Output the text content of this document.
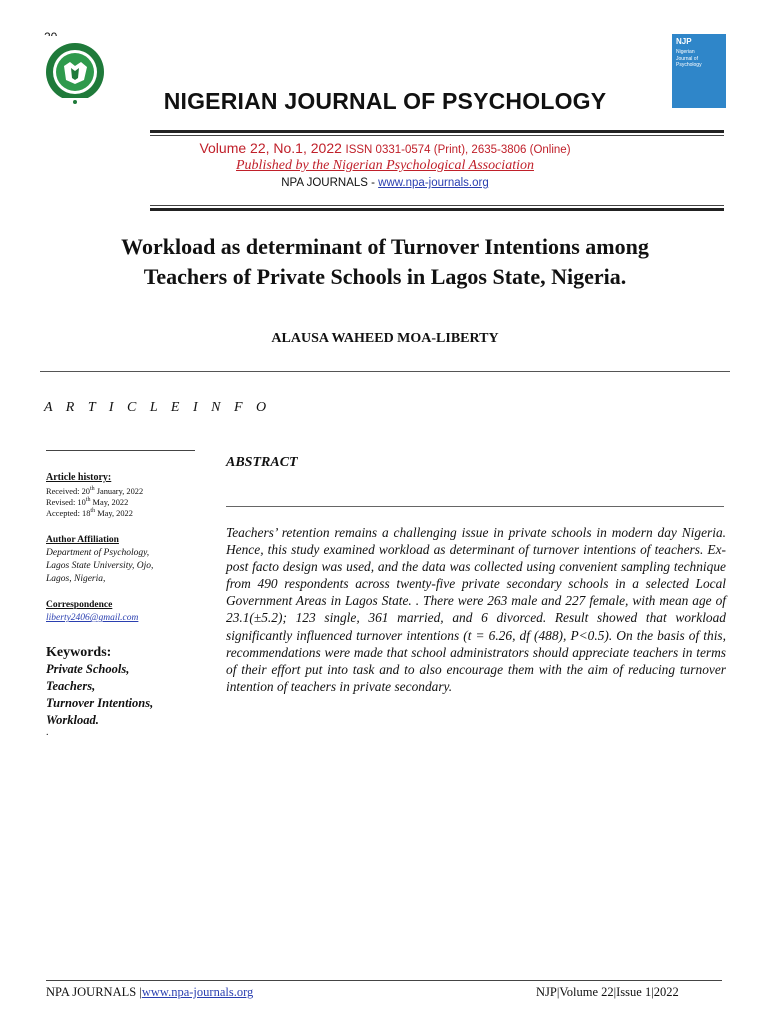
NJP
Nigerian
Journal of
Psychology
NIGERIAN JOURNAL OF PSYCHOLOGY
Volume 22, No.1, 2022 ISSN 0331-0574 (Print), 2635-3806 (Online)
Published by the Nigerian Psychological Association
NPA JOURNALS - www.npa-journals.org
Workload as determinant of Turnover Intentions among
Teachers of Private Schools in Lagos State, Nigeria.
ALAUSA WAHEED MOA-LIBERTY
A R T I C L E I N F O
ABSTRACT
Teachers’ retention remains a challenging issue in private schools in modern day Nigeria. Hence, this study examined workload as determinant of turnover intentions of teachers. Ex-post facto design was used, and the data was collected using convenient sampling technique from 490 respondents across twenty-five private secondary schools in a selected Local Government Areas in Lagos State. . There were 263 male and 227 female, with mean age of 23.1(±5.2); 123 single, 361 married, and 6 divorced. Result showed that workload significantly influenced turnover intentions (t = 6.26, df (488), P<0.5). On the basis of this, recommendations were made that school administrators should appreciate teachers in terms of their effort put into task and to also encourage them with the aim of reducing turnover intention of teachers in private secondary.
Article history:
Received: 20th January, 2022
Revised: 10th May, 2022
Accepted: 18th May, 2022
Author Affiliation
Department of Psychology,
Lagos State University, Ojo,
Lagos, Nigeria,
Correspondence
liberty2406@gmail.com
Keywords:
Private Schools,
Teachers,
Turnover Intentions,
Workload.
.
NPA JOURNALS |www.npa-journals.org	NJP|Volume 22|Issue 1|2022
